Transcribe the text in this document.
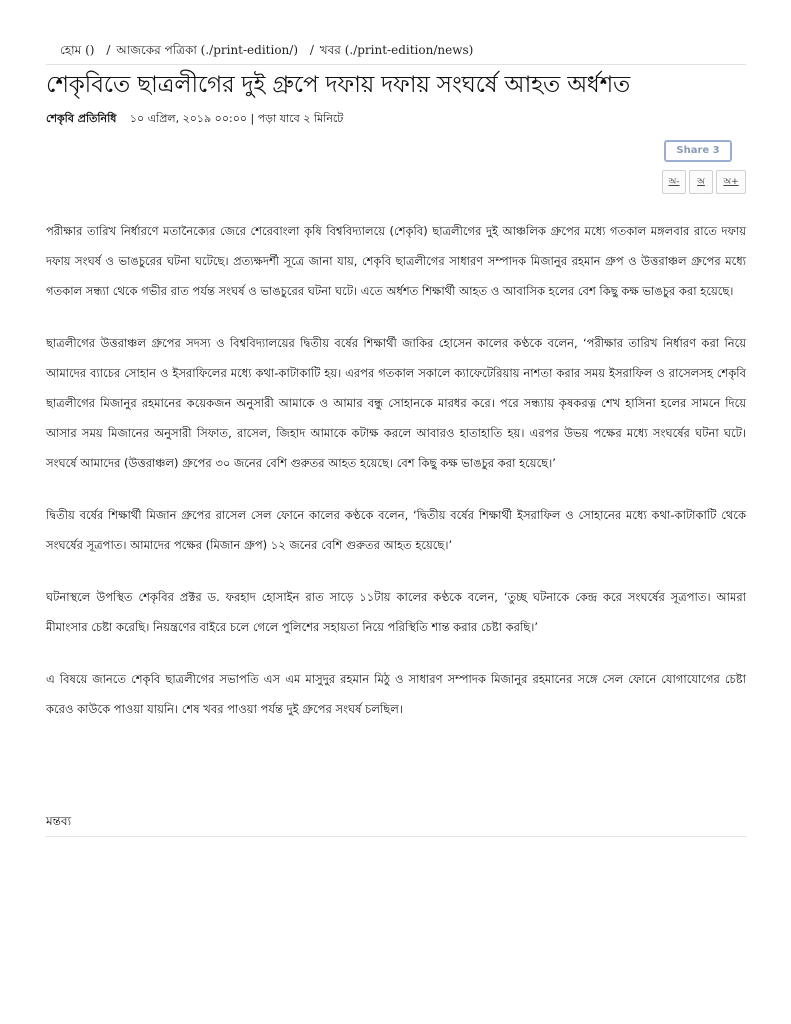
হোম () / আজকের পত্রিকা (./print-edition/) / খবর (./print-edition/news)
শেকৃবিতে ছাত্রলীগের দুই গ্রুপে দফায় দফায় সংঘর্ষে আহত অর্ধশত
শেকৃবি প্রতিনিধি ১০ এপ্রিল, ২০১৯ ০০:০০ | পড়া যাবে ২ মিনিটে
Share 3
অ-	অ	অ+

পরীক্ষার তারিখ নির্ধারণে মতানৈক্যের জেরে শেরেবাংলা কৃষি বিশ্ববিদ্যালয়ে (শেকৃবি) ছাত্রলীগের দুই আঞ্চলিক গ্রুপের মধ্যে গতকাল মঙ্গলবার রাতে দফায় দফায় সংঘর্ষ ও ভাঙচুরের ঘটনা ঘটেছে। প্রত্যক্ষদর্শী সূত্রে জানা যায়, শেকৃবি ছাত্রলীগের সাধারণ সম্পাদক মিজানুর রহমান গ্রুপ ও উত্তরাঞ্চল গ্রুপের মধ্যে গতকাল সন্ধ্যা থেকে গভীর রাত পর্যন্ত সংঘর্ষ ও ভাঙচুরের ঘটনা ঘটে। এতে অর্ধশত শিক্ষার্থী আহত ও আবাসিক হলের বেশ কিছু কক্ষ ভাঙচুর করা হয়েছে।

ছাত্রলীগের উত্তরাঞ্চল গ্রুপের সদস্য ও বিশ্ববিদ্যালয়ের দ্বিতীয় বর্ষের শিক্ষার্থী জাকির হোসেন কালের কণ্ঠকে বলেন, ‘পরীক্ষার তারিখ নির্ধারণ করা নিয়ে আমাদের ব্যাচের সোহান ও ইসরাফিলের মধ্যে কথা-কাটাকাটি হয়। এরপর গতকাল সকালে ক্যাফেটেরিয়ায় নাশতা করার সময় ইসরাফিল ও রাসেলসহ শেকৃবি ছাত্রলীগের মিজানুর রহমানের কয়েকজন অনুসারী আমাকে ও আমার বন্ধু সোহানকে মারধর করে। পরে সন্ধ্যায় কৃষকরত্ন শেখ হাসিনা হলের সামনে দিয়ে আসার সময় মিজানের অনুসারী সিফাত, রাসেল, জিহাদ আমাকে কটাক্ষ করলে আবারও হাতাহাতি হয়। এরপর উভয় পক্ষের মধ্যে সংঘর্ষের ঘটনা ঘটে। সংঘর্ষে আমাদের (উত্তরাঞ্চল) গ্রুপের ৩০ জনের বেশি গুরুতর আহত হয়েছে। বেশ কিছু কক্ষ ভাঙচুর করা হয়েছে।’

দ্বিতীয় বর্ষের শিক্ষার্থী মিজান গ্রুপের রাসেল সেল ফোনে কালের কণ্ঠকে বলেন, ‘দ্বিতীয় বর্ষের শিক্ষার্থী ইসরাফিল ও সোহানের মধ্যে কথা-কাটাকাটি থেকে সংঘর্ষের সূত্রপাত। আমাদের পক্ষের (মিজান গ্রুপ) ১২ জনের বেশি গুরুতর আহত হয়েছে।’

ঘটনাস্থলে উপস্থিত শেকৃবির প্রক্টর ড. ফরহাদ হোসাইন রাত সাড়ে ১১টায় কালের কণ্ঠকে বলেন, ‘তুচ্ছ ঘটনাকে কেন্দ্র করে সংঘর্ষের সূত্রপাত। আমরা মীমাংসার চেষ্টা করেছি। নিয়ন্ত্রণের বাইরে চলে গেলে পুলিশের সহায়তা নিয়ে পরিস্থিতি শান্ত করার চেষ্টা করছি।’

এ বিষয়ে জানতে শেকৃবি ছাত্রলীগের সভাপতি এস এম মাসুদুর রহমান মিঠু ও সাধারণ সম্পাদক মিজানুর রহমানের সঙ্গে সেল ফোনে যোগাযোগের চেষ্টা করেও কাউকে পাওয়া যায়নি। শেষ খবর পাওয়া পর্যন্ত দুই গ্রুপের সংঘর্ষ চলছিল।

মন্তব্য
